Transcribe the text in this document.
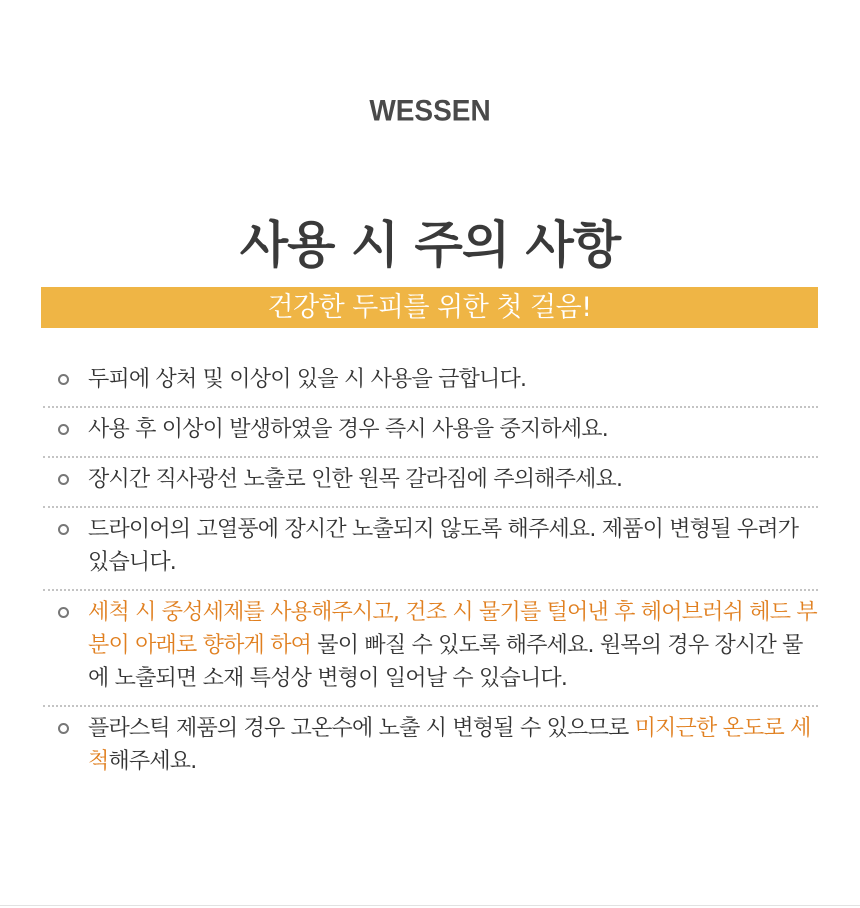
WESSEN
사용 시 주의 사항
건강한 두피를 위한 첫 걸음!
두피에 상처 및 이상이 있을 시 사용을 금합니다.
사용 후 이상이 발생하였을 경우 즉시 사용을 중지하세요.
장시간 직사광선 노출로 인한 원목 갈라짐에 주의해주세요.
드라이어의 고열풍에 장시간 노출되지 않도록 해주세요. 제품이 변형될 우려가 있습니다.
세척 시 중성세제를 사용해주시고, 건조 시 물기를 털어낸 후 헤어브러쉬 헤드 부분이 아래로 향하게 하여 물이 빠질 수 있도록 해주세요. 원목의 경우 장시간 물에 노출되면 소재 특성상 변형이 일어날 수 있습니다.
플라스틱 제품의 경우 고온수에 노출 시 변형될 수 있으므로 미지근한 온도로 세척해주세요.
